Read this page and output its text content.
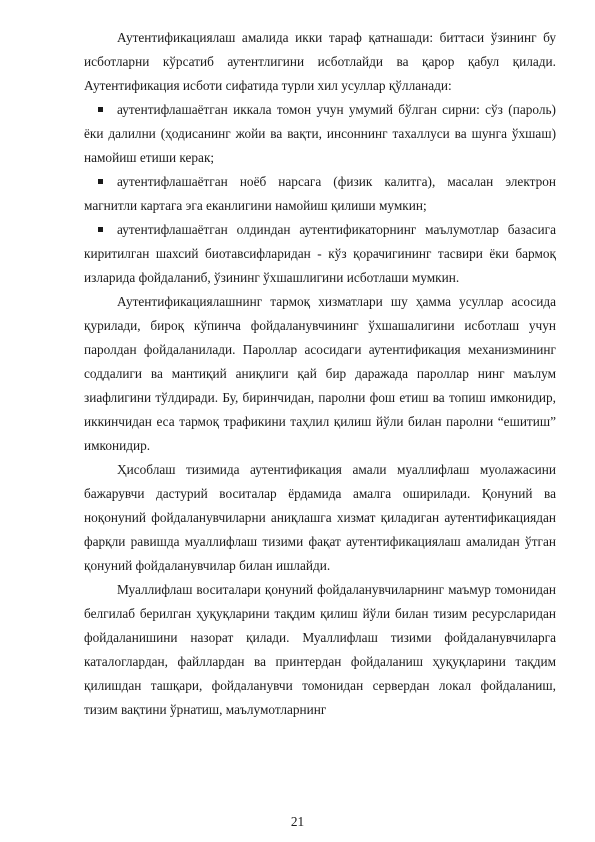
Аутентификациялаш амалида икки тараф қатнашади: биттаси ўзининг бу исботларни кўрсатиб аутентлигини исботлайди ва қарор қабул қилади. Аутентификация исботи сифатида турли хил усуллар қўлланади:

аутентифлашаётган иккала томон учун умумий бўлган сирни: сўз (пароль) ёки далилни (ҳодисанинг жойи ва вақти, инсоннинг тахаллуси ва шунга ўхшаш) намойиш етиши керак;

аутентифлашаётган ноёб нарсага (физик калитга), масалан электрон магнитли картага эга еканлигини намойиш қилиши мумкин;

аутентифлашаётган олдиндан аутентификаторнинг маълумотлар базасига киритилган шахсий биотавсифларидан - кўз қорачигининг тасвири ёки бармоқ изларида фойдаланиб, ўзининг ўхшашлигини исботлаши мумкин.

Аутентификациялашнинг тармоқ хизматлари шу ҳамма усуллар асосида қурилади, бироқ кўпинча фойдаланувчининг ўхшашалигини исботлаш учун паролдан фойдаланилади. Пароллар асосидаги аутентификация механизмининг соддалиги ва мантиқий аниқлиги қай бир даражада пароллар нинг маълум зиафлигини тўлдиради. Бу, биринчидан, паролни фош етиш ва топиш имконидир, иккинчидан еса тармоқ трафикини таҳлил қилиш йўли билан паролни “ешитиш” имконидир.

Ҳисоблаш тизимида аутентификация амали муаллифлаш муолажасини бажарувчи дастурий воситалар ёрдамида амалга оширилади. Қонуний ва ноқонуний фойдаланувчиларни аниқлашга хизмат қиладиган аутентификациядан фарқли равишда муаллифлаш тизими фақат аутентификациялаш амалидан ўтган қонуний фойдаланувчилар билан ишлайди.

Муаллифлаш воситалари қонуний фойдаланувчиларнинг маъмур томонидан белгилаб берилган ҳуқуқларини тақдим қилиш йўли билан тизим ресурсларидан фойдаланишини назорат қилади. Муаллифлаш тизими фойдаланувчиларга каталоглардан, файллардан ва принтердан фойдаланиш ҳуқуқларини тақдим қилишдан ташқари, фойдаланувчи томонидан сервердан локал фойдаланиш, тизим вақтини ўрнатиш, маълумотларнинг

21
